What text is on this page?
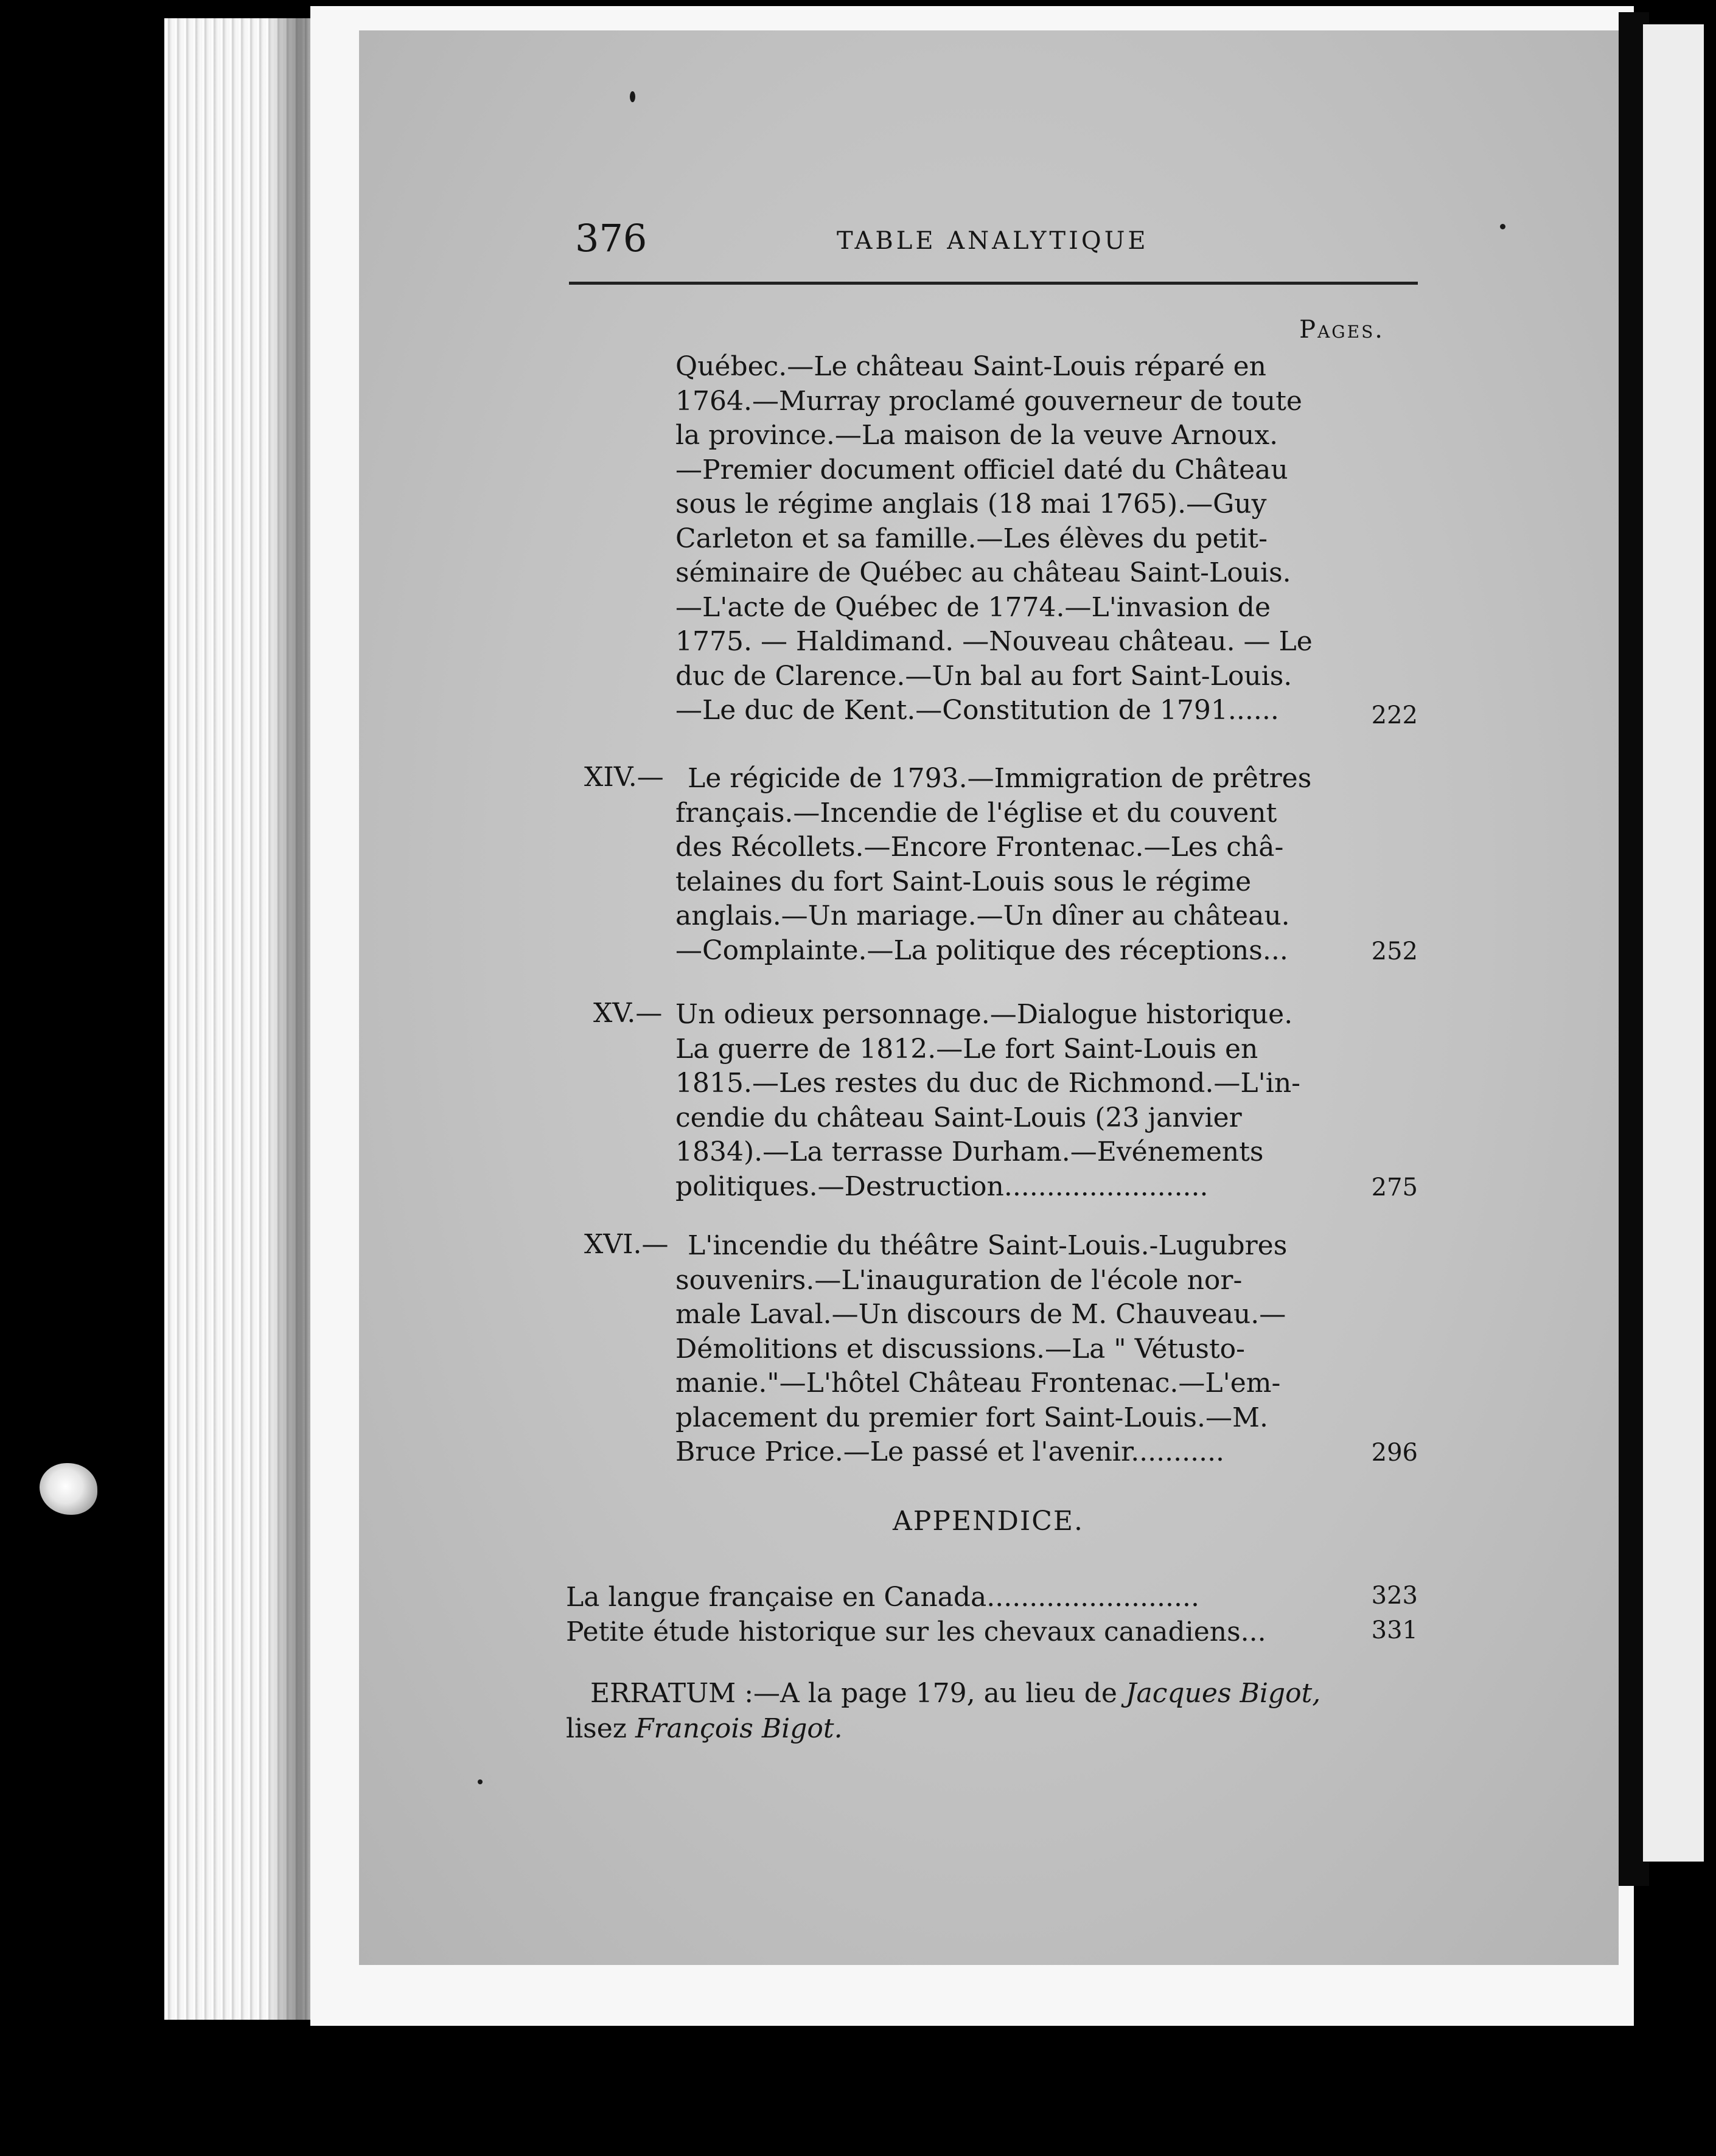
376	TABLE ANALYTIQUE
Pages.
Québec.—Le château Saint-Louis réparé en
1764.—Murray proclamé gouverneur de toute
la province.—La maison de la veuve Arnoux.
—Premier document officiel daté du Château
sous le régime anglais (18 mai 1765).—Guy
Carleton et sa famille.—Les élèves du petit-
séminaire de Québec au château Saint-Louis.
—L'acte de Québec de 1774.—L'invasion de
1775. — Haldimand. —Nouveau château. — Le
duc de Clarence.—Un bal au fort Saint-Louis.
—Le duc de Kent.—Constitution de 1791......	222
XIV.— Le régicide de 1793.—Immigration de prêtres
français.—Incendie de l'église et du couvent
des Récollets.—Encore Frontenac.—Les châ-
telaines du fort Saint-Louis sous le régime
anglais.—Un mariage.—Un dîner au château.
—Complainte.—La politique des réceptions...	252
XV.— Un odieux personnage.—Dialogue historique.
La guerre de 1812.—Le fort Saint-Louis en
1815.—Les restes du duc de Richmond.—L'in-
cendie du château Saint-Louis (23 janvier
1834).—La terrasse Durham.—Evénements
politiques.—Destruction........................	275
XVI.— L'incendie du théâtre Saint-Louis.-Lugubres
souvenirs.—L'inauguration de l'école nor-
male Laval.—Un discours de M. Chauveau.—
Démolitions et discussions.—La " Vétusto-
manie."—L'hôtel Château Frontenac.—L'em-
placement du premier fort Saint-Louis.—M.
Bruce Price.—Le passé et l'avenir...........	296
APPENDICE.
La langue française en Canada.........................	323
Petite étude historique sur les chevaux canadiens...	331
ERRATUM :—A la page 179, au lieu de Jacques Bigot,
lisez François Bigot.
